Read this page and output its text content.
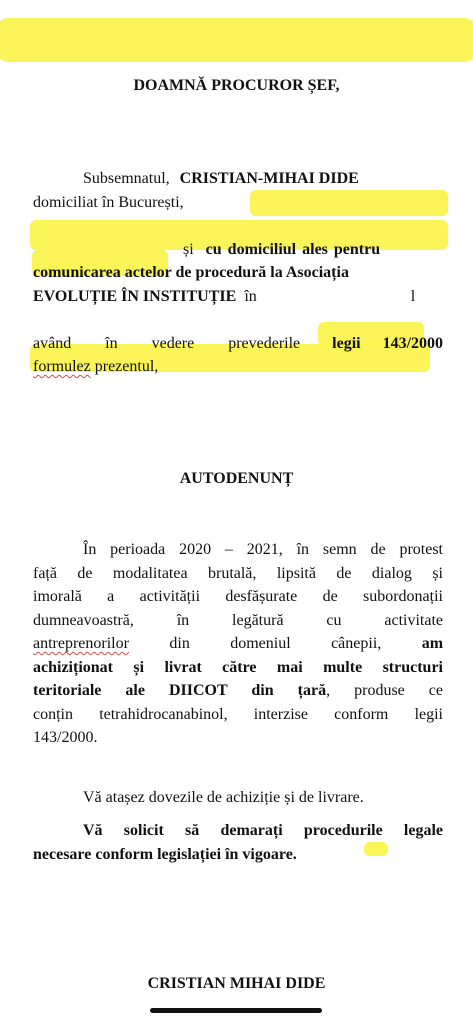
DOAMNĂ PROCUROR ȘEF,
Subsemnatul, CRISTIAN-MIHAI DIDE
domiciliat în București,
și cu domiciliul ales pentru
comunicarea actelor de procedură la Asociația
EVOLUȚIE ÎN INSTITUȚIE în	l
având în vedere prevederile legii 143/2000
formulez prezentul,
AUTODENUNȚ
În perioada 2020 – 2021, în semn de protest
față de modalitatea brutală, lipsită de dialog și
imorală a activității desfășurate de subordonații
dumneavoastră, în legătură cu activitate
antreprenorilor	din domeniul cânepii,	am
achiziționat și livrat către mai multe structuri
teritoriale ale DIICOT din țară, produse ce
conțin tetrahidrocanabinol, interzise conform legii
143/2000.
Vă atașez dovezile de achiziție și de livrare.
Vă solicit să demarați procedurile legale
necesare conform legislației în vigoare.
CRISTIAN MIHAI DIDE
